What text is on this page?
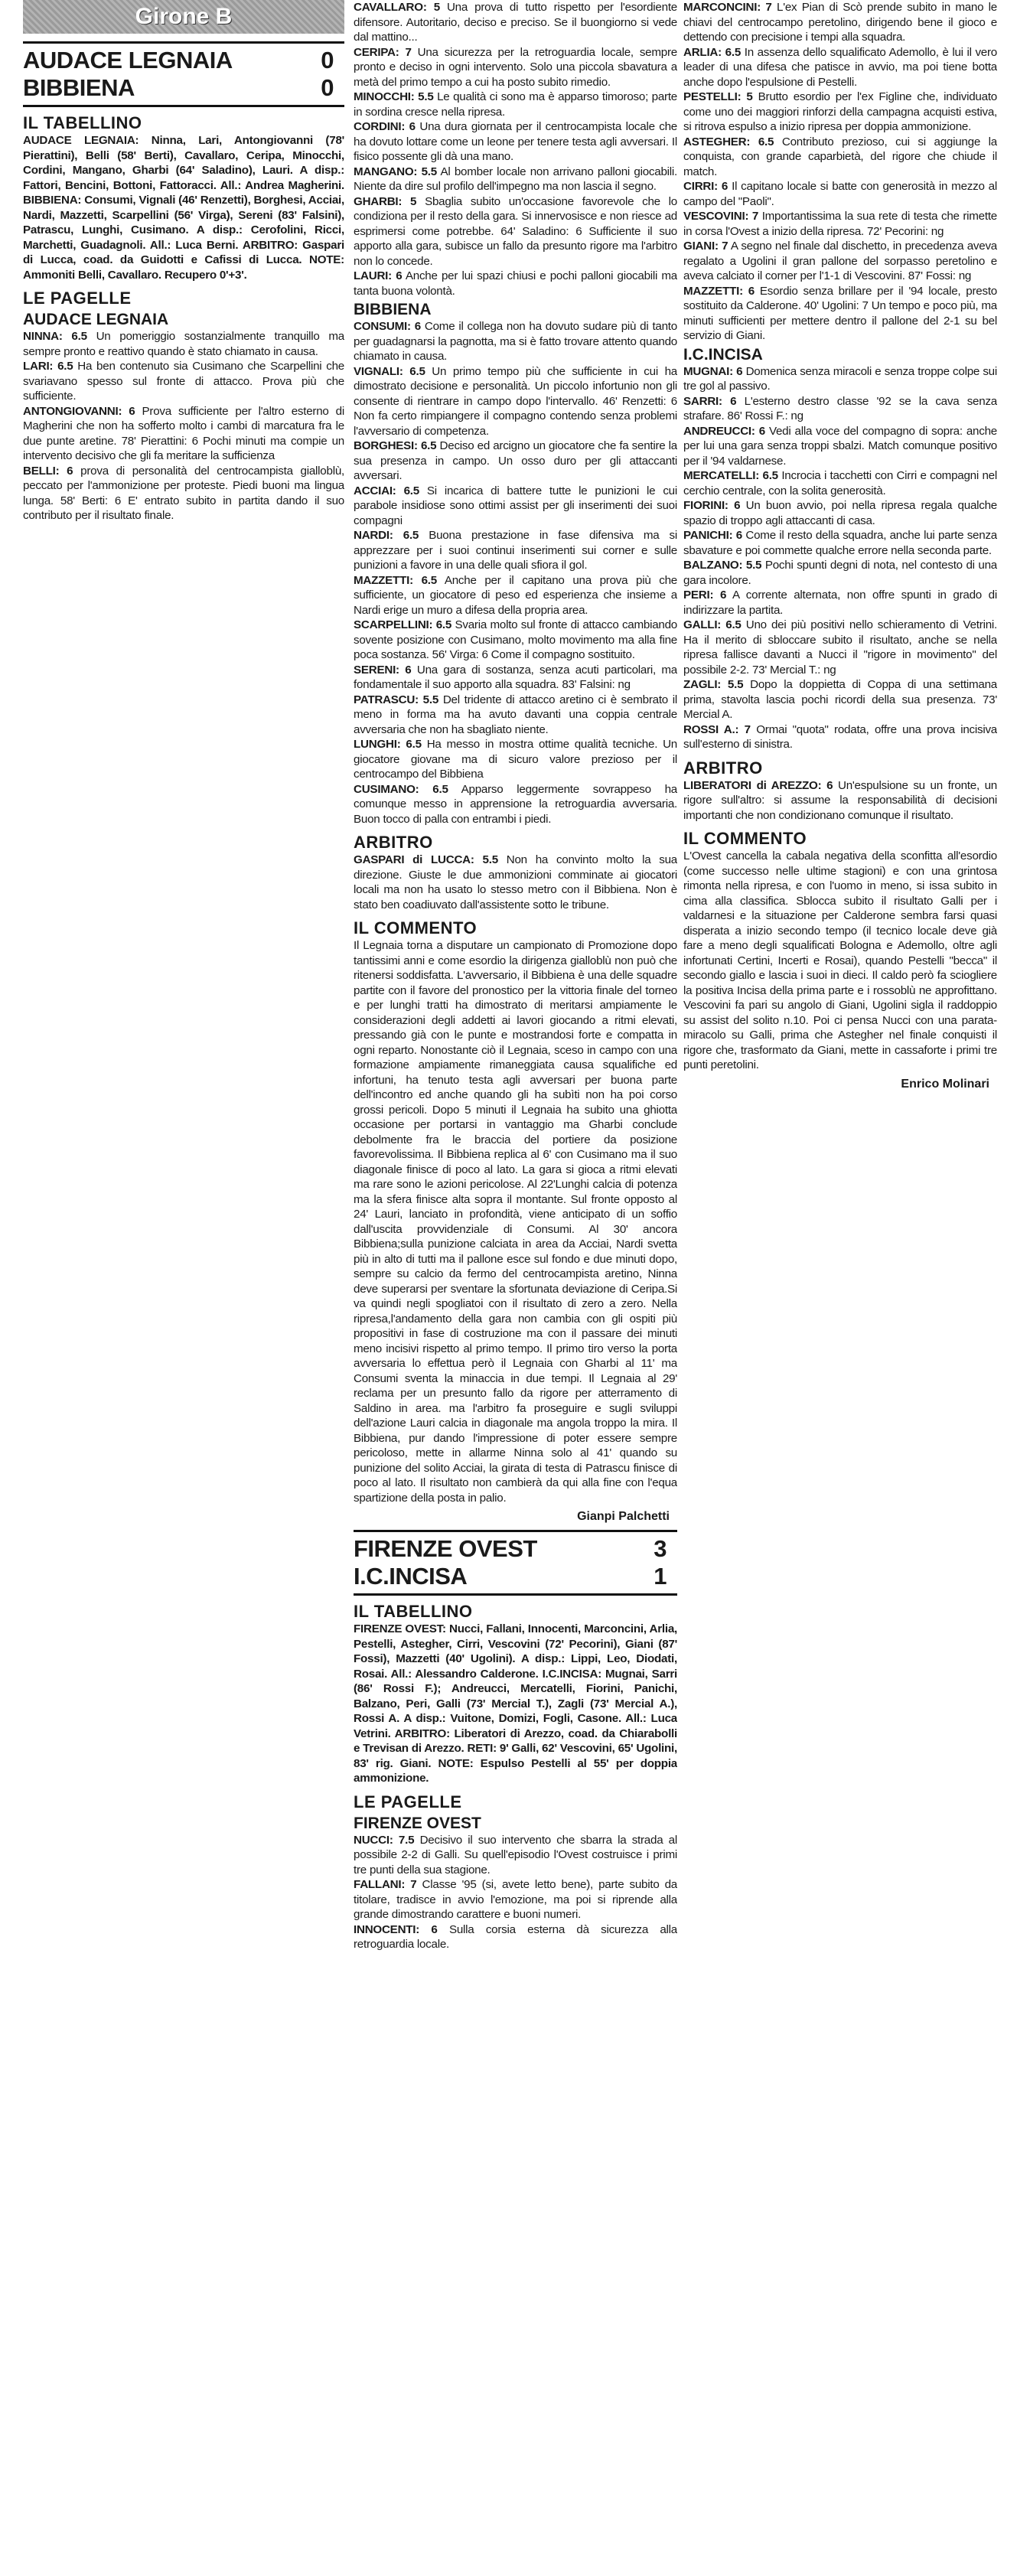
Girone B
AUDACE LEGNAIA	0
BIBBIENA	0
IL TABELLINO
AUDACE LEGNAIA: Ninna, Lari, Antongiovanni (78' Pierattini), Belli (58' Berti), Cavallaro, Ceripa, Minocchi, Cordini, Mangano, Gharbi (64' Saladino), Lauri. A disp.: Fattori, Bencini, Bottoni, Fattoracci. All.: Andrea Magherini. BIBBIENA: Consumi, Vignali (46' Renzetti), Borghesi, Acciai, Nardi, Mazzetti, Scarpellini (56' Virga), Sereni (83' Falsini), Patrascu, Lunghi, Cusimano. A disp.: Cerofolini, Ricci, Marchetti, Guadagnoli. All.: Luca Berni. ARBITRO: Gaspari di Lucca, coad. da Guidotti e Cafissi di Lucca. NOTE: Ammoniti Belli, Cavallaro. Recupero 0'+3'.
LE PAGELLE
AUDACE LEGNAIA

NINNA: 6.5 Un pomeriggio sostanzialmente tranquillo ma sempre pronto e reattivo quando è stato chiamato in causa.

LARI: 6.5 Ha ben contenuto sia Cusimano che Scarpellini che svariavano spesso sul fronte di attacco. Prova più che sufficiente.

ANTONGIOVANNI: 6 Prova sufficiente per l'altro esterno di Magherini che non ha sofferto molto i cambi di marcatura fra le due punte aretine. 78' Pierattini: 6 Pochi minuti ma compie un intervento decisivo che gli fa meritare la sufficienza

BELLI: 6 prova di personalità del centrocampista gialloblù, peccato per l'ammonizione per proteste. Piedi buoni ma lingua lunga. 58' Berti: 6 E' entrato subito in partita dando il suo contributo per il risultato finale.

CAVALLARO: 5 Una prova di tutto rispetto per l'esordiente difensore. Autoritario, deciso e preciso. Se il buongiorno si vede dal mattino...

CERIPA: 7 Una sicurezza per la retroguardia locale, sempre pronto e deciso in ogni intervento. Solo una piccola sbavatura a metà del primo tempo a cui ha posto subito rimedio.

MINOCCHI: 5.5 Le qualità ci sono ma è apparso timoroso; parte in sordina cresce nella ripresa.

CORDINI: 6 Una dura giornata per il centrocampista locale che ha dovuto lottare come un leone per tenere testa agli avversari. Il fisico possente gli dà una mano.

MANGANO: 5.5 Al bomber locale non arrivano palloni giocabili. Niente da dire sul profilo dell'impegno ma non lascia il segno.

GHARBI: 5 Sbaglia subito un'occasione favorevole che lo condiziona per il resto della gara. Si innervosisce e non riesce ad esprimersi come potrebbe. 64' Saladino: 6 Sufficiente il suo apporto alla gara, subisce un fallo da presunto rigore ma l'arbitro non lo concede.

LAURI: 6 Anche per lui spazi chiusi e pochi palloni giocabili ma tanta buona volontà.

BIBBIENA

CONSUMI: 6 Come il collega non ha dovuto sudare più di tanto per guadagnarsi la pagnotta, ma si è fatto trovare attento quando chiamato in causa.

VIGNALI: 6.5 Un primo tempo più che sufficiente in cui ha dimostrato decisione e personalità. Un piccolo infortunio non gli consente di rientrare in campo dopo l'intervallo. 46' Renzetti: 6 Non fa certo rimpiangere il compagno contendo senza problemi l'avversario di competenza.

BORGHESI: 6.5 Deciso ed arcigno un giocatore che fa sentire la sua presenza in campo. Un osso duro per gli attaccanti avversari.

ACCIAI: 6.5 Si incarica di battere tutte le punizioni le cui parabole insidiose sono ottimi assist per gli inserimenti dei suoi compagni

NARDI: 6.5 Buona prestazione in fase difensiva ma si apprezzare per i suoi continui inserimenti sui corner e sulle punizioni a favore in una delle quali sfiora il gol.

MAZZETTI: 6.5 Anche per il capitano una prova più che sufficiente, un giocatore di peso ed esperienza che insieme a Nardi erige un muro a difesa della propria area.

SCARPELLINI: 6.5 Svaria molto sul fronte di attacco cambiando sovente posizione con Cusimano, molto movimento ma alla fine poca sostanza. 56' Virga: 6 Come il compagno sostituito.

SERENI: 6 Una gara di sostanza, senza acuti particolari, ma fondamentale il suo apporto alla squadra. 83' Falsini: ng

PATRASCU: 5.5 Del tridente di attacco aretino ci è sembrato il meno in forma ma ha avuto davanti una coppia centrale avversaria che non ha sbagliato niente.

LUNGHI: 6.5 Ha messo in mostra ottime qualità tecniche. Un giocatore giovane ma di sicuro valore prezioso per il centrocampo del Bibbiena

CUSIMANO: 6.5 Apparso leggermente sovrappeso ha comunque messo in apprensione la retroguardia avversaria. Buon tocco di palla con entrambi i piedi.

ARBITRO

GASPARI di LUCCA: 5.5 Non ha convinto molto la sua direzione. Giuste le due ammonizioni comminate ai giocatori locali ma non ha usato lo stesso metro con il Bibbiena. Non è stato ben coadiuvato dall'assistente sotto le tribune.

IL COMMENTO
Il Legnaia torna a disputare un campionato di Promozione dopo tantissimi anni e come esordio la dirigenza gialloblù non può che ritenersi soddisfatta. L'avversario, il Bibbiena è una delle squadre partite con il favore del pronostico per la vittoria finale del torneo e per lunghi tratti ha dimostrato di meritarsi ampiamente le considerazioni degli addetti ai lavori giocando a ritmi elevati, pressando già con le punte e mostrandosi forte e compatta in ogni reparto. Nonostante ciò il Legnaia, sceso in campo con una formazione ampiamente rimaneggiata causa squalifiche ed infortuni, ha tenuto testa agli avversari per buona parte dell'incontro ed anche quando gli ha subìti non ha poi corso grossi pericoli. Dopo 5 minuti il Legnaia ha subito una ghiotta occasione per portarsi in vantaggio ma Gharbi conclude debolmente fra le braccia del portiere da posizione favorevolissima. Il Bibbiena replica al 6' con Cusimano ma il suo diagonale finisce di poco al lato. La gara si gioca a ritmi elevati ma rare sono le azioni pericolose. Al 22'Lunghi calcia di potenza ma la sfera finisce alta sopra il montante. Sul fronte opposto al 24' Lauri, lanciato in profondità, viene anticipato di un soffio dall'uscita provvidenziale di Consumi. Al 30' ancora Bibbiena;sulla punizione calciata in area da Acciai, Nardi svetta più in alto di tutti ma il pallone esce sul fondo e due minuti dopo, sempre su calcio da fermo del centrocampista aretino, Ninna deve superarsi per sventare la sfortunata deviazione di Ceripa.Si va quindi negli spogliatoi con il risultato di zero a zero. Nella ripresa,l'andamento della gara non cambia con gli ospiti più propositivi in fase di costruzione ma con il passare dei minuti meno incisivi rispetto al primo tempo. Il primo tiro verso la porta avversaria lo effettua però il Legnaia con Gharbi al 11' ma Consumi sventa la minaccia in due tempi. Il Legnaia al 29' reclama per un presunto fallo da rigore per atterramento di Saldino in area. ma l'arbitro fa proseguire e sugli sviluppi dell'azione Lauri calcia in diagonale ma angola troppo la mira. Il Bibbiena, pur dando l'impressione di poter essere sempre pericoloso, mette in allarme Ninna solo al 41' quando su punizione del solito Acciai, la girata di testa di Patrascu finisce di poco al lato. Il risultato non cambierà da qui alla fine con l'equa spartizione della posta in palio.
Gianpi Palchetti
FIRENZE OVEST	3
I.C.INCISA	1
IL TABELLINO
FIRENZE OVEST: Nucci, Fallani, Innocenti, Marconcini, Arlia, Pestelli, Astegher, Cirri, Vescovini (72' Pecorini), Giani (87' Fossi), Mazzetti (40' Ugolini). A disp.: Lippi, Leo, Diodati, Rosai. All.: Alessandro Calderone. I.C.INCISA: Mugnai, Sarri (86' Rossi F.); Andreucci, Mercatelli, Fiorini, Panichi, Balzano, Peri, Galli (73' Mercial T.), Zagli (73' Mercial A.), Rossi A. A disp.: Vuitone, Domizi, Fogli, Casone. All.: Luca Vetrini. ARBITRO: Liberatori di Arezzo, coad. da Chiarabolli e Trevisan di Arezzo. RETI: 9' Galli, 62' Vescovini, 65' Ugolini, 83' rig. Giani. NOTE: Espulso Pestelli al 55' per doppia ammonizione.
LE PAGELLE
FIRENZE OVEST

NUCCI: 7.5 Decisivo il suo intervento che sbarra la strada al possibile 2-2 di Galli. Su quell'episodio l'Ovest costruisce i primi tre punti della sua stagione.

FALLANI: 7 Classe '95 (si, avete letto bene), parte subito da titolare, tradisce in avvio l'emozione, ma poi si riprende alla grande dimostrando carattere e buoni numeri.

INNOCENTI: 6 Sulla corsia esterna dà sicurezza alla retroguardia locale.

MARCONCINI: 7 L'ex Pian di Scò prende subito in mano le chiavi del centrocampo peretolino, dirigendo bene il gioco e dettendo con precisione i tempi alla squadra.

ARLIA: 6.5 In assenza dello squalificato Ademollo, è lui il vero leader di una difesa che patisce in avvio, ma poi tiene botta anche dopo l'espulsione di Pestelli.

PESTELLI: 5 Brutto esordio per l'ex Figline che, individuato come uno dei maggiori rinforzi della campagna acquisti estiva, si ritrova espulso a inizio ripresa per doppia ammonizione.

ASTEGHER: 6.5 Contributo prezioso, cui si aggiunge la conquista, con grande caparbietà, del rigore che chiude il match.

CIRRI: 6 Il capitano locale si batte con generosità in mezzo al campo del "Paoli".

VESCOVINI: 7 Importantissima la sua rete di testa che rimette in corsa l'Ovest a inizio della ripresa. 72' Pecorini: ng

GIANI: 7 A segno nel finale dal dischetto, in precedenza aveva regalato a Ugolini il gran pallone del sorpasso peretolino e aveva calciato il corner per l'1-1 di Vescovini. 87' Fossi: ng

MAZZETTI: 6 Esordio senza brillare per il '94 locale, presto sostituito da Calderone. 40' Ugolini: 7 Un tempo e poco più, ma minuti sufficienti per mettere dentro il pallone del 2-1 su bel servizio di Giani.

I.C.INCISA

MUGNAI: 6 Domenica senza miracoli e senza troppe colpe sui tre gol al passivo.

SARRI: 6 L'esterno destro classe '92 se la cava senza strafare. 86' Rossi F.: ng

ANDREUCCI: 6 Vedi alla voce del compagno di sopra: anche per lui una gara senza troppi sbalzi. Match comunque positivo per il '94 valdarnese.

MERCATELLI: 6.5 Incrocia i tacchetti con Cirri e compagni nel cerchio centrale, con la solita generosità.

FIORINI: 6 Un buon avvio, poi nella ripresa regala qualche spazio di troppo agli attaccanti di casa.

PANICHI: 6 Come il resto della squadra, anche lui parte senza sbavature e poi commette qualche errore nella seconda parte.

BALZANO: 5.5 Pochi spunti degni di nota, nel contesto di una gara incolore.

PERI: 6 A corrente alternata, non offre spunti in grado di indirizzare la partita.

GALLI: 6.5 Uno dei più positivi nello schieramento di Vetrini. Ha il merito di sbloccare subito il risultato, anche se nella ripresa fallisce davanti a Nucci il "rigore in movimento" del possibile 2-2. 73' Mercial T.: ng

ZAGLI: 5.5 Dopo la doppietta di Coppa di una settimana prima, stavolta lascia pochi ricordi della sua presenza. 73' Mercial A.

ROSSI A.: 7 Ormai "quota" rodata, offre una prova incisiva sull'esterno di sinistra.

ARBITRO

LIBERATORI di AREZZO: 6 Un'espulsione su un fronte, un rigore sull'altro: si assume la responsabilità di decisioni importanti che non condizionano comunque il risultato.

IL COMMENTO
L'Ovest cancella la cabala negativa della sconfitta all'esordio (come successo nelle ultime stagioni) e con una grintosa rimonta nella ripresa, e con l'uomo in meno, si issa subito in cima alla classifica. Sblocca subito il risultato Galli per i valdarnesi e la situazione per Calderone sembra farsi quasi disperata a inizio secondo tempo (il tecnico locale deve già fare a meno degli squalificati Bologna e Ademollo, oltre agli infortunati Certini, Incerti e Rosai), quando Pestelli "becca" il secondo giallo e lascia i suoi in dieci. Il caldo però fa sciogliere la positiva Incisa della prima parte e i rossoblù ne approfittano. Vescovini fa pari su angolo di Giani, Ugolini sigla il raddoppio su assist del solito n.10. Poi ci pensa Nucci con una parata-miracolo su Galli, prima che Astegher nel finale conquisti il rigore che, trasformato da Giani, mette in cassaforte i primi tre punti peretolini.
Enrico Molinari
